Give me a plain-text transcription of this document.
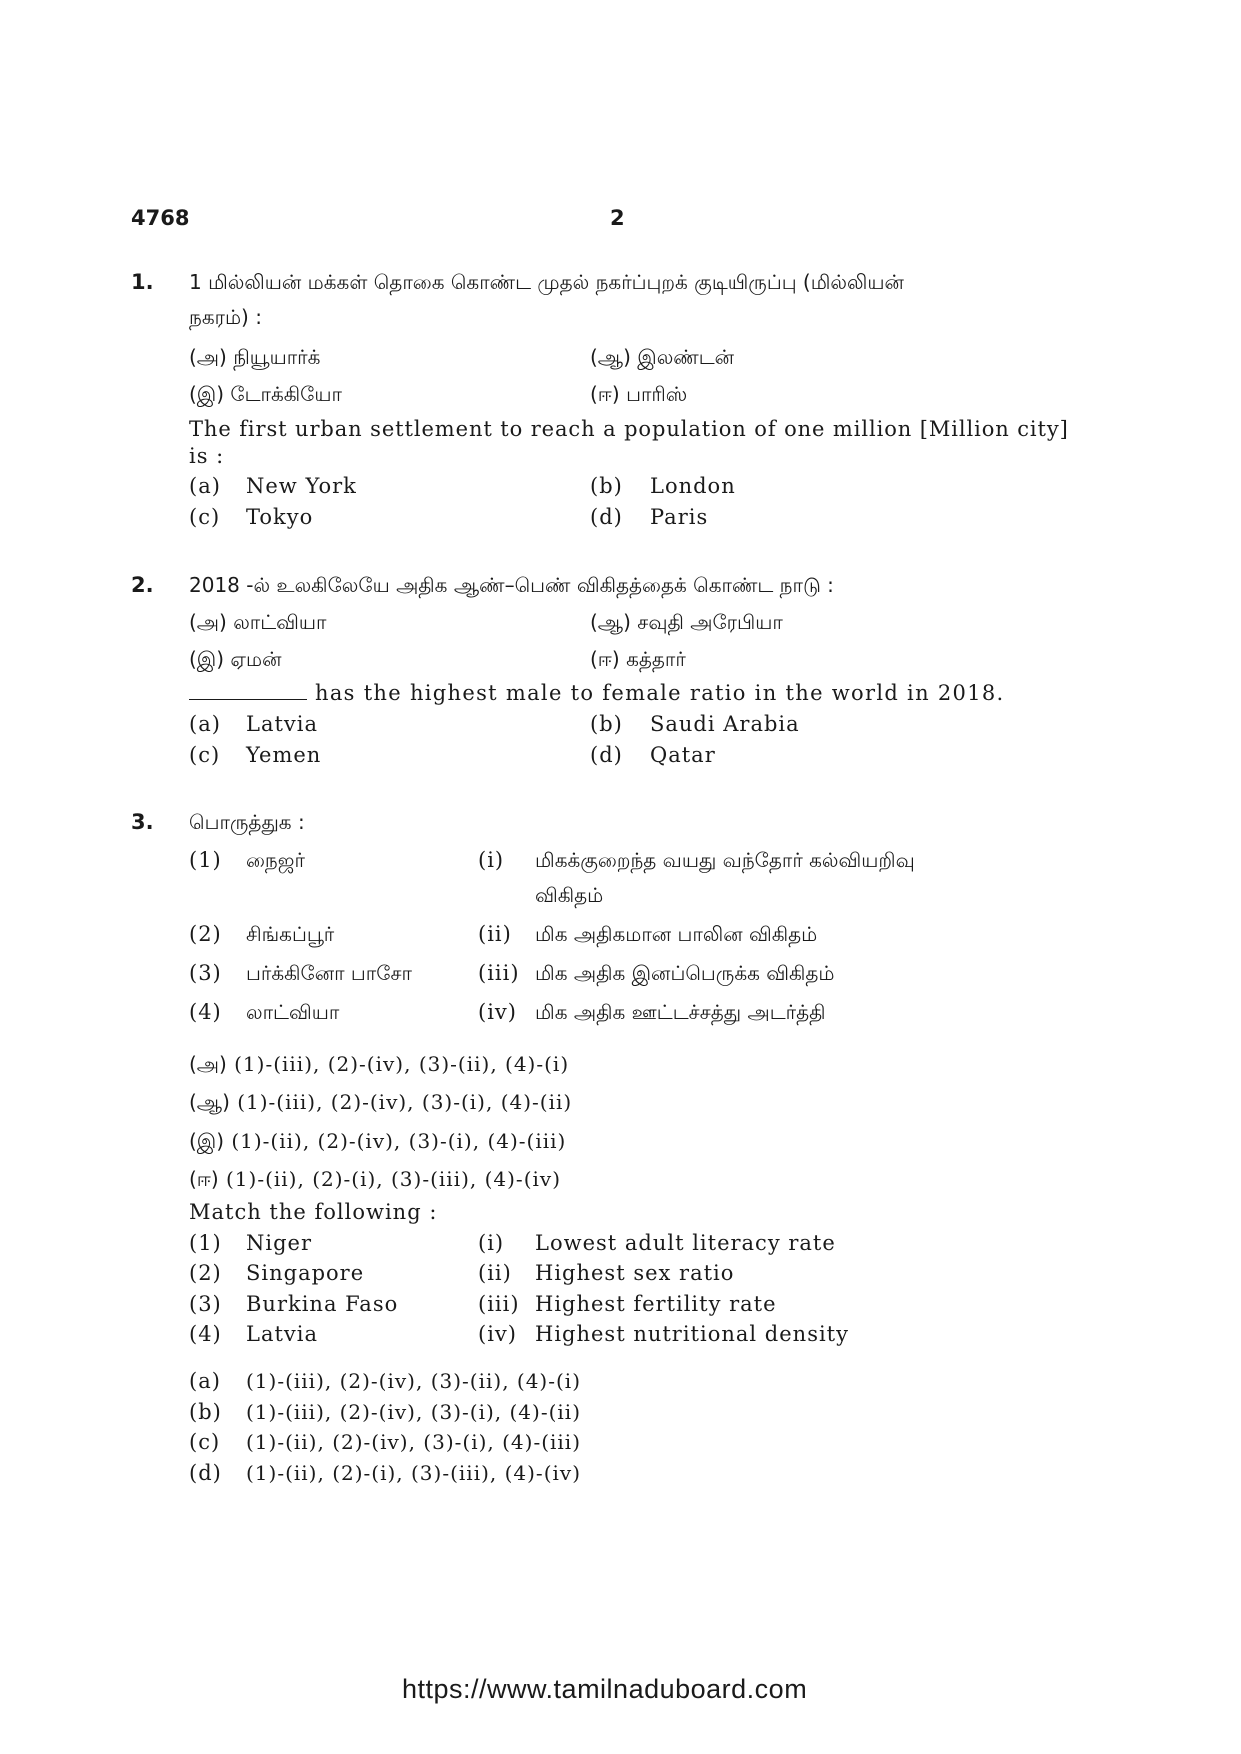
4768	2
1. 1 மில்லியன் மக்கள் தொகை கொண்ட முதல் நகர்ப்புறக் குடியிருப்பு (மில்லியன்
நகரம்) :
(அ) நியூயார்க்	(ஆ) இலண்டன்
(இ) டோக்கியோ	(ஈ) பாரிஸ்
The first urban settlement to reach a population of one million [Million city]
is :
(a) New York	(b) London
(c) Tokyo	(d) Paris
2. 2018 -ல் உலகிலேயே அதிக ஆண்–பெண் விகிதத்தைக் கொண்ட நாடு :
(அ) லாட்வியா	(ஆ) சவுதி அரேபியா
(இ) ஏமன்	(ஈ) கத்தார்
has the highest male to female ratio in the world in 2018.
(a) Latvia	(b) Saudi Arabia
(c) Yemen	(d) Qatar
3. பொருத்துக :
(1) நைஜர்	(i) மிகக்குறைந்த வயது வந்தோர் கல்வியறிவு
விகிதம்
(2) சிங்கப்பூர்	(ii) மிக அதிகமான பாலின விகிதம்
(3) பர்க்கினோ பாசோ	(iii) மிக அதிக இனப்பெருக்க விகிதம்
(4) லாட்வியா	(iv) மிக அதிக ஊட்டச்சத்து அடர்த்தி
(அ) (1)-(iii), (2)-(iv), (3)-(ii), (4)-(i)
(ஆ) (1)-(iii), (2)-(iv), (3)-(i), (4)-(ii)
(இ) (1)-(ii), (2)-(iv), (3)-(i), (4)-(iii)
(ஈ) (1)-(ii), (2)-(i), (3)-(iii), (4)-(iv)
Match the following :
(1) Niger	(i) Lowest adult literacy rate
(2) Singapore	(ii) Highest sex ratio
(3) Burkina Faso	(iii) Highest fertility rate
(4) Latvia	(iv) Highest nutritional density
(a) (1)-(iii), (2)-(iv), (3)-(ii), (4)-(i)
(b) (1)-(iii), (2)-(iv), (3)-(i), (4)-(ii)
(c) (1)-(ii), (2)-(iv), (3)-(i), (4)-(iii)
(d) (1)-(ii), (2)-(i), (3)-(iii), (4)-(iv)
https://www.tamilnaduboard.com
